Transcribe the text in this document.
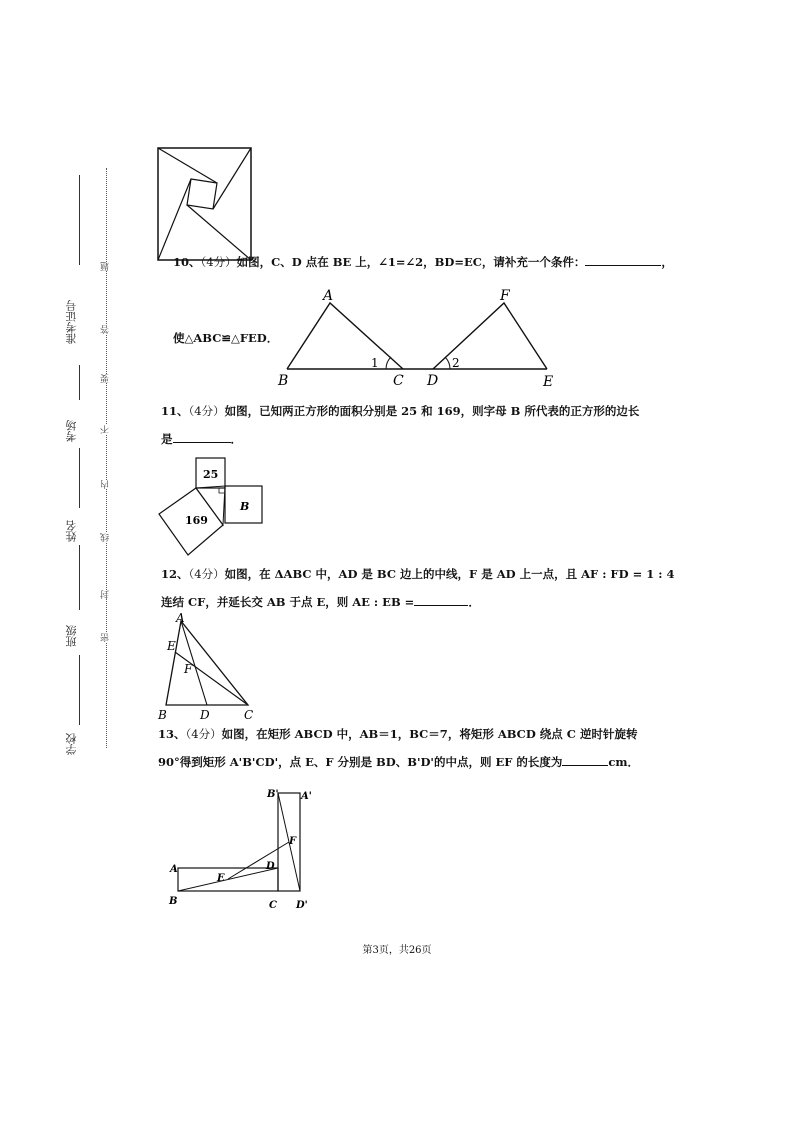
准考证号
考场
姓名
班级
学校
题
答
要
不
内
线
封
密
10、（4分）如图，C、D 点在 BE 上，∠1=∠2，BD=EC，请补充一个条件：	，
使△ABC≌△FED．
A
B	C D	E
F
1	2
11、（4分）如图，已知两正方形的面积分别是 25 和 169，则字母 B 所代表的正方形的边长
是	．
25
169
B
12、（4分）如图，在 ΔABC 中，AD 是 BC 边上的中线，F 是 AD 上一点，且 AF : FD = 1 : 4
连结 CF，并延长交 AB 于点 E，则 AE : EB =	．
A
E
F
B	D	C
13、（4分）如图，在矩形 ABCD 中，AB＝1，BC＝7，将矩形 ABCD 绕点 C 逆时针旋转
90°得到矩形 A'B'CD'，点 E、F 分别是 BD、B'D'的中点，则 EF 的长度为	cm．
A
B	C
D
E
F
B' A'
D'
第3页，共26页
